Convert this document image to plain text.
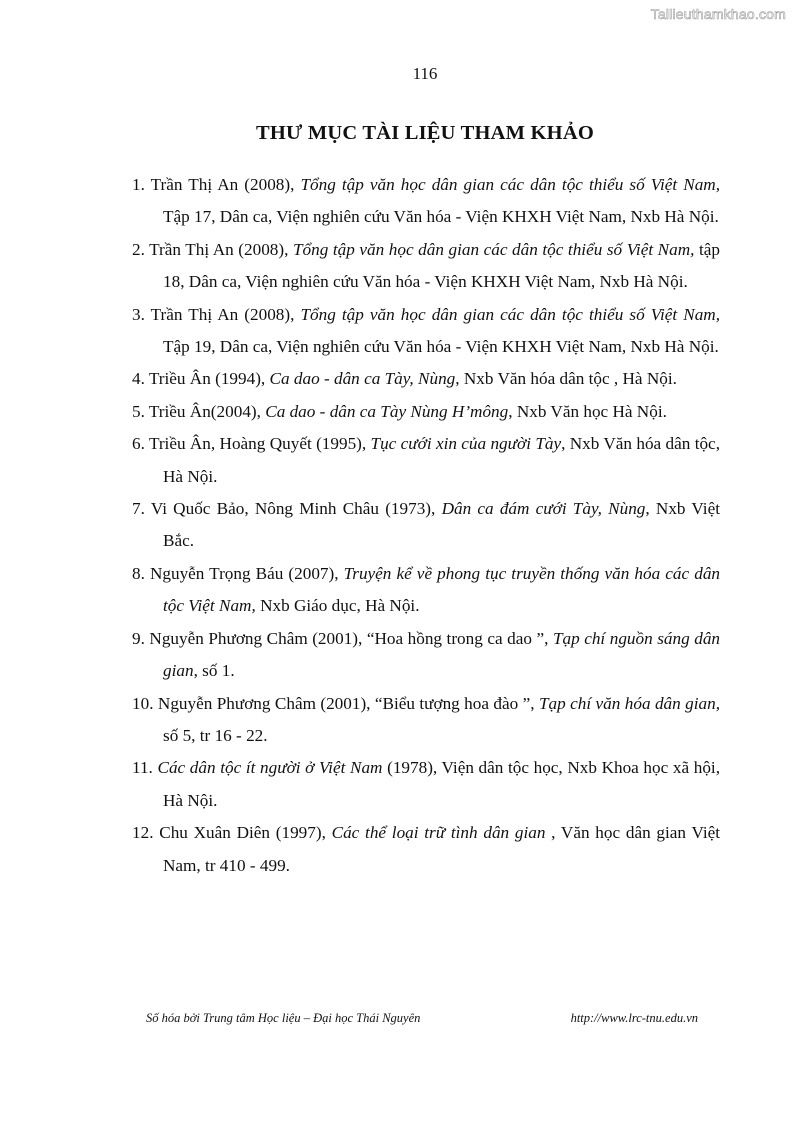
Tailieuthamkhao.com
116
THƯ MỤC TÀI LIỆU THAM KHẢO
1. Trần Thị An (2008), Tổng tập văn học dân gian các dân tộc thiểu số Việt Nam, Tập 17, Dân ca, Viện nghiên cứu Văn hóa - Viện KHXH Việt Nam, Nxb Hà Nội.
2. Trần Thị An (2008), Tổng tập văn học dân gian các dân tộc thiểu số Việt Nam, tập 18, Dân ca, Viện nghiên cứu Văn hóa - Viện KHXH Việt Nam, Nxb Hà Nội.
3. Trần Thị An (2008), Tổng tập văn học dân gian các dân tộc thiểu số Việt Nam, Tập 19, Dân ca, Viện nghiên cứu Văn hóa - Viện KHXH Việt Nam, Nxb Hà Nội.
4. Triều Ân (1994), Ca dao - dân ca Tày, Nùng, Nxb Văn hóa dân tộc , Hà Nội.
5. Triều Ân(2004), Ca dao - dân ca Tày Nùng H’mông, Nxb Văn học Hà Nội.
6. Triều Ân, Hoàng Quyết (1995), Tục cưới xin của người Tày, Nxb Văn hóa dân tộc, Hà Nội.
7. Vi Quốc Bảo, Nông Minh Châu (1973), Dân ca đám cưới Tày, Nùng, Nxb Việt Bắc.
8. Nguyễn Trọng Báu (2007), Truyện kể về phong tục truyền thống văn hóa các dân tộc Việt Nam, Nxb Giáo dục, Hà Nội.
9. Nguyễn Phương Châm (2001), “Hoa hồng trong ca dao ”, Tạp chí nguồn sáng dân gian, số 1.
10. Nguyễn Phương Châm (2001), “Biểu tượng hoa đào ”, Tạp chí văn hóa dân gian, số 5, tr 16 - 22.
11. Các dân tộc ít người ở Việt Nam (1978), Viện dân tộc học, Nxb Khoa học xã hội, Hà Nội.
12. Chu Xuân Diên (1997), Các thể loại trữ tình dân gian , Văn học dân gian Việt Nam, tr 410 - 499.
Số hóa bởi Trung tâm Học liệu – Đại học Thái Nguyên	http://www.lrc-tnu.edu.vn
